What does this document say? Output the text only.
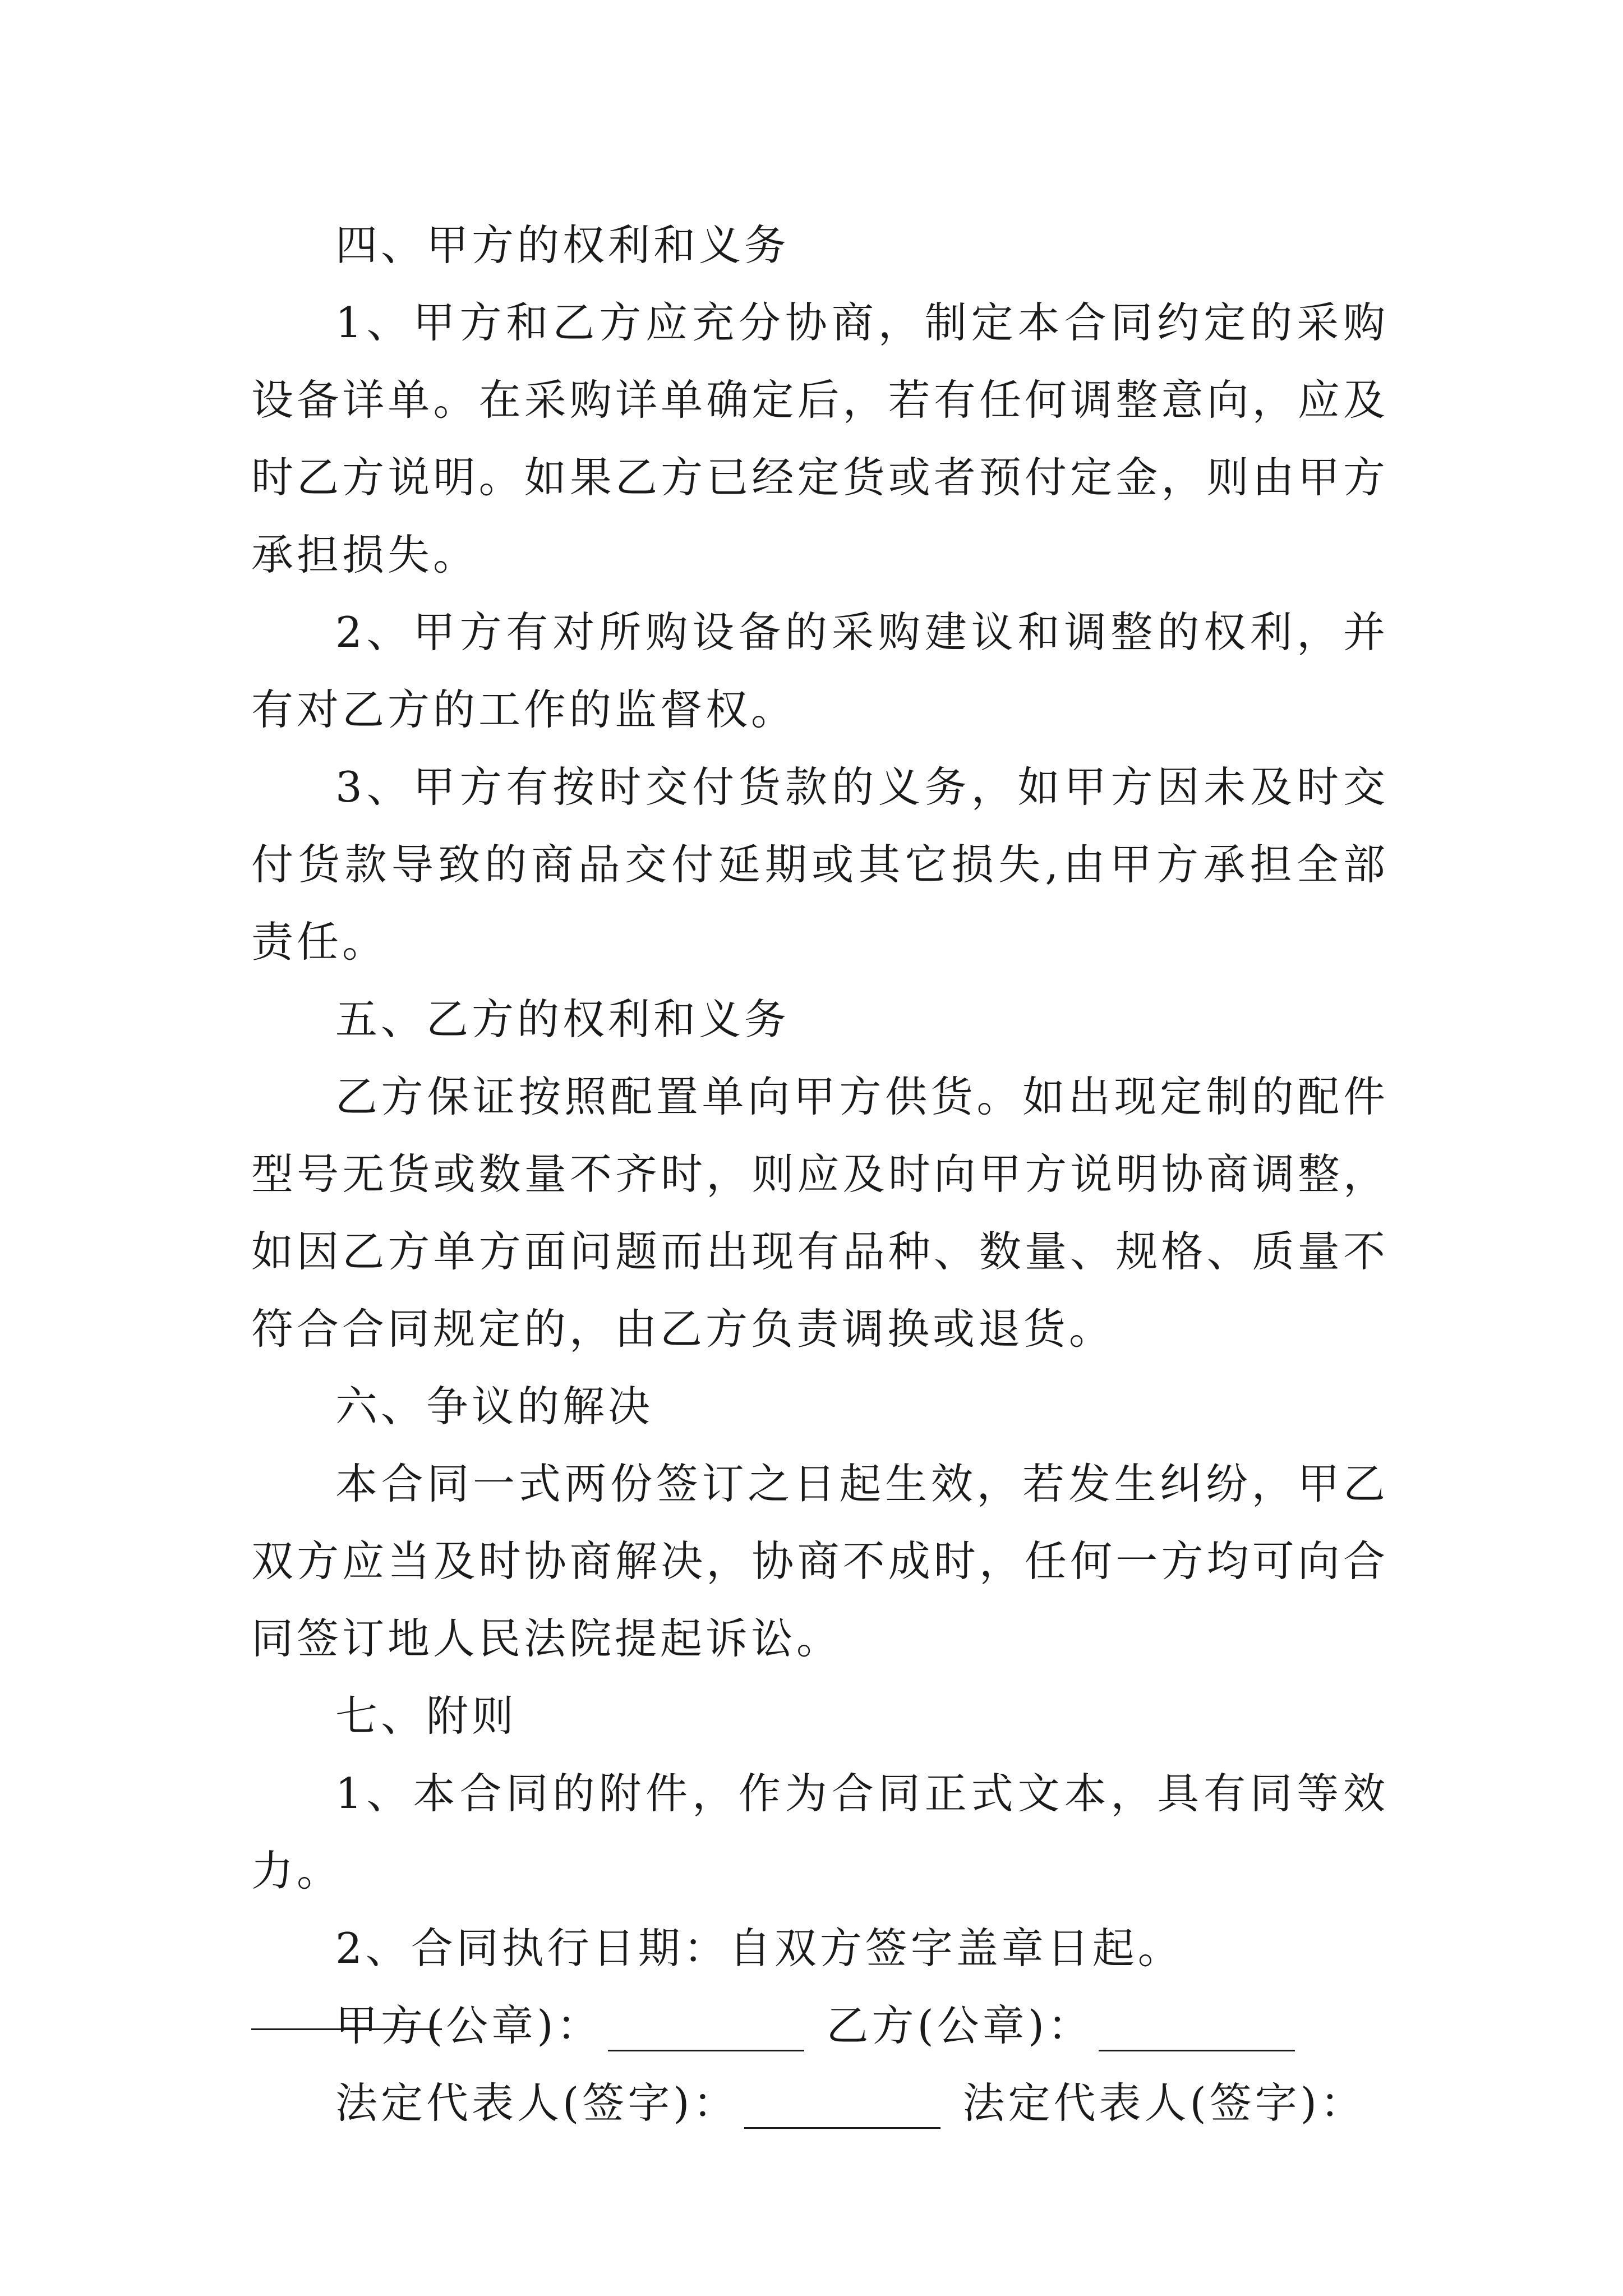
四、甲方的权利和义务

1、甲方和乙方应充分协商，制定本合同约定的采购设备详单。在采购详单确定后，若有任何调整意向，应及时乙方说明。如果乙方已经定货或者预付定金，则由甲方承担损失。

2、甲方有对所购设备的采购建议和调整的权利，并有对乙方的工作的监督权。

3、甲方有按时交付货款的义务，如甲方因未及时交付货款导致的商品交付延期或其它损失,由甲方承担全部责任。

五、乙方的权利和义务

乙方保证按照配置单向甲方供货。如出现定制的配件型号无货或数量不齐时，则应及时向甲方说明协商调整，如因乙方单方面问题而出现有品种、数量、规格、质量不符合合同规定的，由乙方负责调换或退货。

六、争议的解决

本合同一式两份签订之日起生效，若发生纠纷，甲乙双方应当及时协商解决，协商不成时，任何一方均可向合同签订地人民法院提起诉讼。

七、附则

1、本合同的附件，作为合同正式文本，具有同等效力。

2、合同执行日期：自双方签字盖章日起。

甲方(公章)：	乙方(公章)：

法定代表人(签字)：	法定代表人(签字)：
